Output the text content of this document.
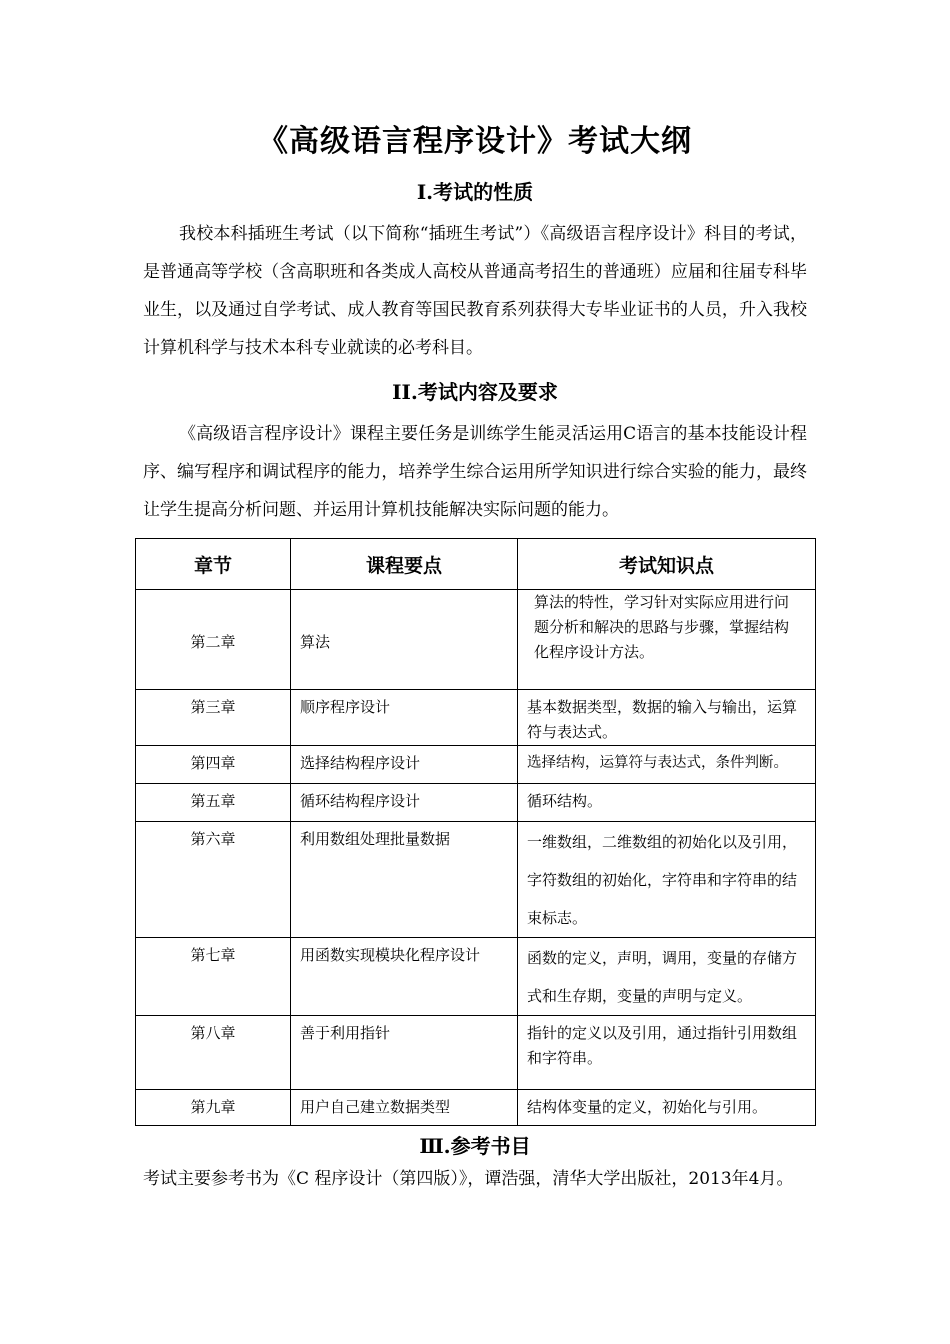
《高级语言程序设计》考试大纲
I.考试的性质

我校本科插班生考试（以下简称“插班生考试”）《高级语言程序设计》科目的考试，是普通高等学校（含高职班和各类成人高校从普通高考招生的普通班）应届和往届专科毕业生，以及通过自学考试、成人教育等国民教育系列获得大专毕业证书的人员，升入我校计算机科学与技术本科专业就读的必考科目。

II.考试内容及要求

《高级语言程序设计》课程主要任务是训练学生能灵活运用C语言的基本技能设计程序、编写程序和调试程序的能力，培养学生综合运用所学知识进行综合实验的能力，最终让学生提高分析问题、并运用计算机技能解决实际问题的能力。

章节	课程要点	考试知识点

第二章	算法	算法的特性，学习针对实际应用进行问题分析和解决的思路与步骤，掌握结构化程序设计方法。

第三章	顺序程序设计	基本数据类型，数据的输入与输出，运算符与表达式。

第四章	选择结构程序设计	选择结构，运算符与表达式，条件判断。

第五章	循环结构程序设计	循环结构。

第六章	利用数组处理批量数据	一维数组，二维数组的初始化以及引用，字符数组的初始化，字符串和字符串的结束标志。

第七章	用函数实现模块化程序设计	函数的定义，声明，调用，变量的存储方式和生存期，变量的声明与定义。

第八章	善于利用指针	指针的定义以及引用，通过指针引用数组和字符串。

第九章	用户自己建立数据类型	结构体变量的定义，初始化与引用。
Ⅲ.参考书目

考试主要参考书为《C 程序设计（第四版）》，谭浩强，清华大学出版社，2013年4月。
